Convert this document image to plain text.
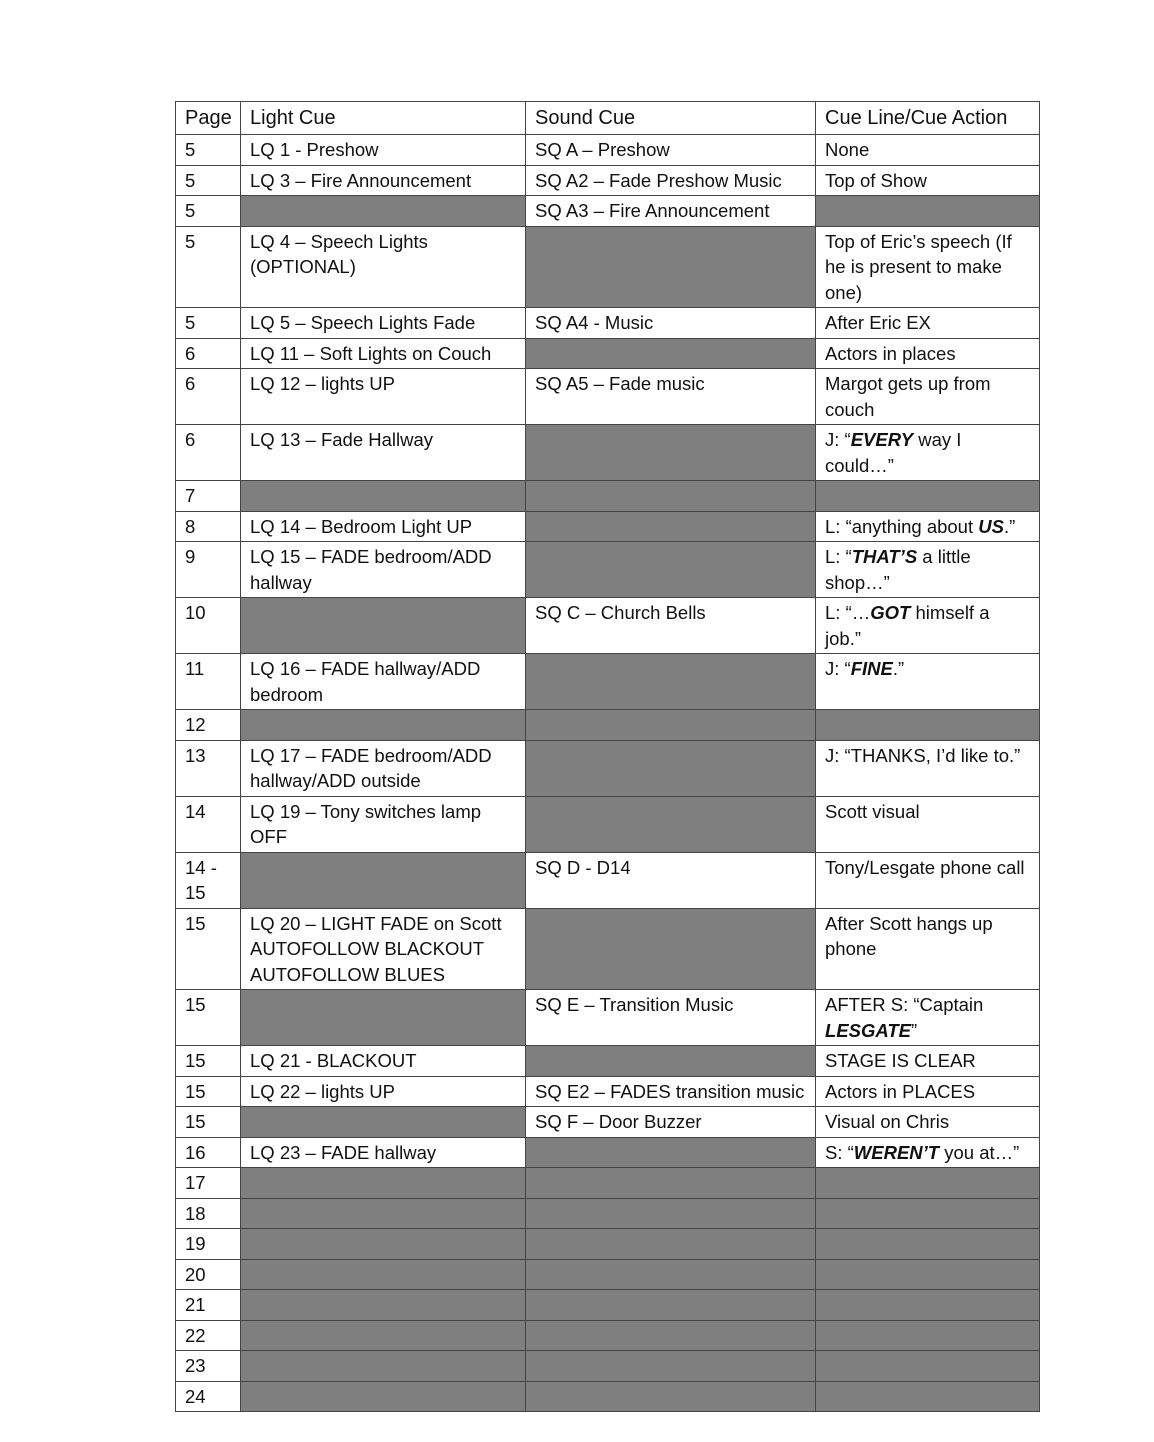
Page	Light Cue	Sound Cue	Cue Line/Cue Action
5	LQ 1 - Preshow	SQ A – Preshow	None
5	LQ 3 – Fire Announcement	SQ A2 – Fade Preshow Music	Top of Show
5		SQ A3 – Fire Announcement	
5	LQ 4 – Speech Lights (OPTIONAL)		Top of Eric’s speech (If he is present to make one)
5	LQ 5 – Speech Lights Fade	SQ A4 - Music	After Eric EX
6	LQ 11 – Soft Lights on Couch		Actors in places
6	LQ 12 – lights UP	SQ A5 – Fade music	Margot gets up from couch
6	LQ 13 – Fade Hallway		J: “EVERY way I could…”
7			
8	LQ 14 – Bedroom Light UP		L: “anything about US.”
9	LQ 15 – FADE bedroom/ADD hallway		L: “THAT’S a little shop…”
10		SQ C – Church Bells	L: “…GOT himself a job.”
11	LQ 16 – FADE hallway/ADD bedroom		J: “FINE.”
12			
13	LQ 17 – FADE bedroom/ADD hallway/ADD outside		J: “THANKS, I’d like to.”
14	LQ 19 – Tony switches lamp OFF		Scott visual
14 - 15		SQ D - D14	Tony/Lesgate phone call
15	LQ 20 – LIGHT FADE on Scott AUTOFOLLOW BLACKOUT AUTOFOLLOW BLUES		After Scott hangs up phone
15		SQ E – Transition Music	AFTER S: “Captain LESGATE”
15	LQ 21 - BLACKOUT		STAGE IS CLEAR
15	LQ 22 – lights UP	SQ E2 – FADES transition music	Actors in PLACES
15		SQ F – Door Buzzer	Visual on Chris
16	LQ 23 – FADE hallway		S: “WEREN’T you at…”
17			
18			
19			
20			
21			
22			
23			
24			
